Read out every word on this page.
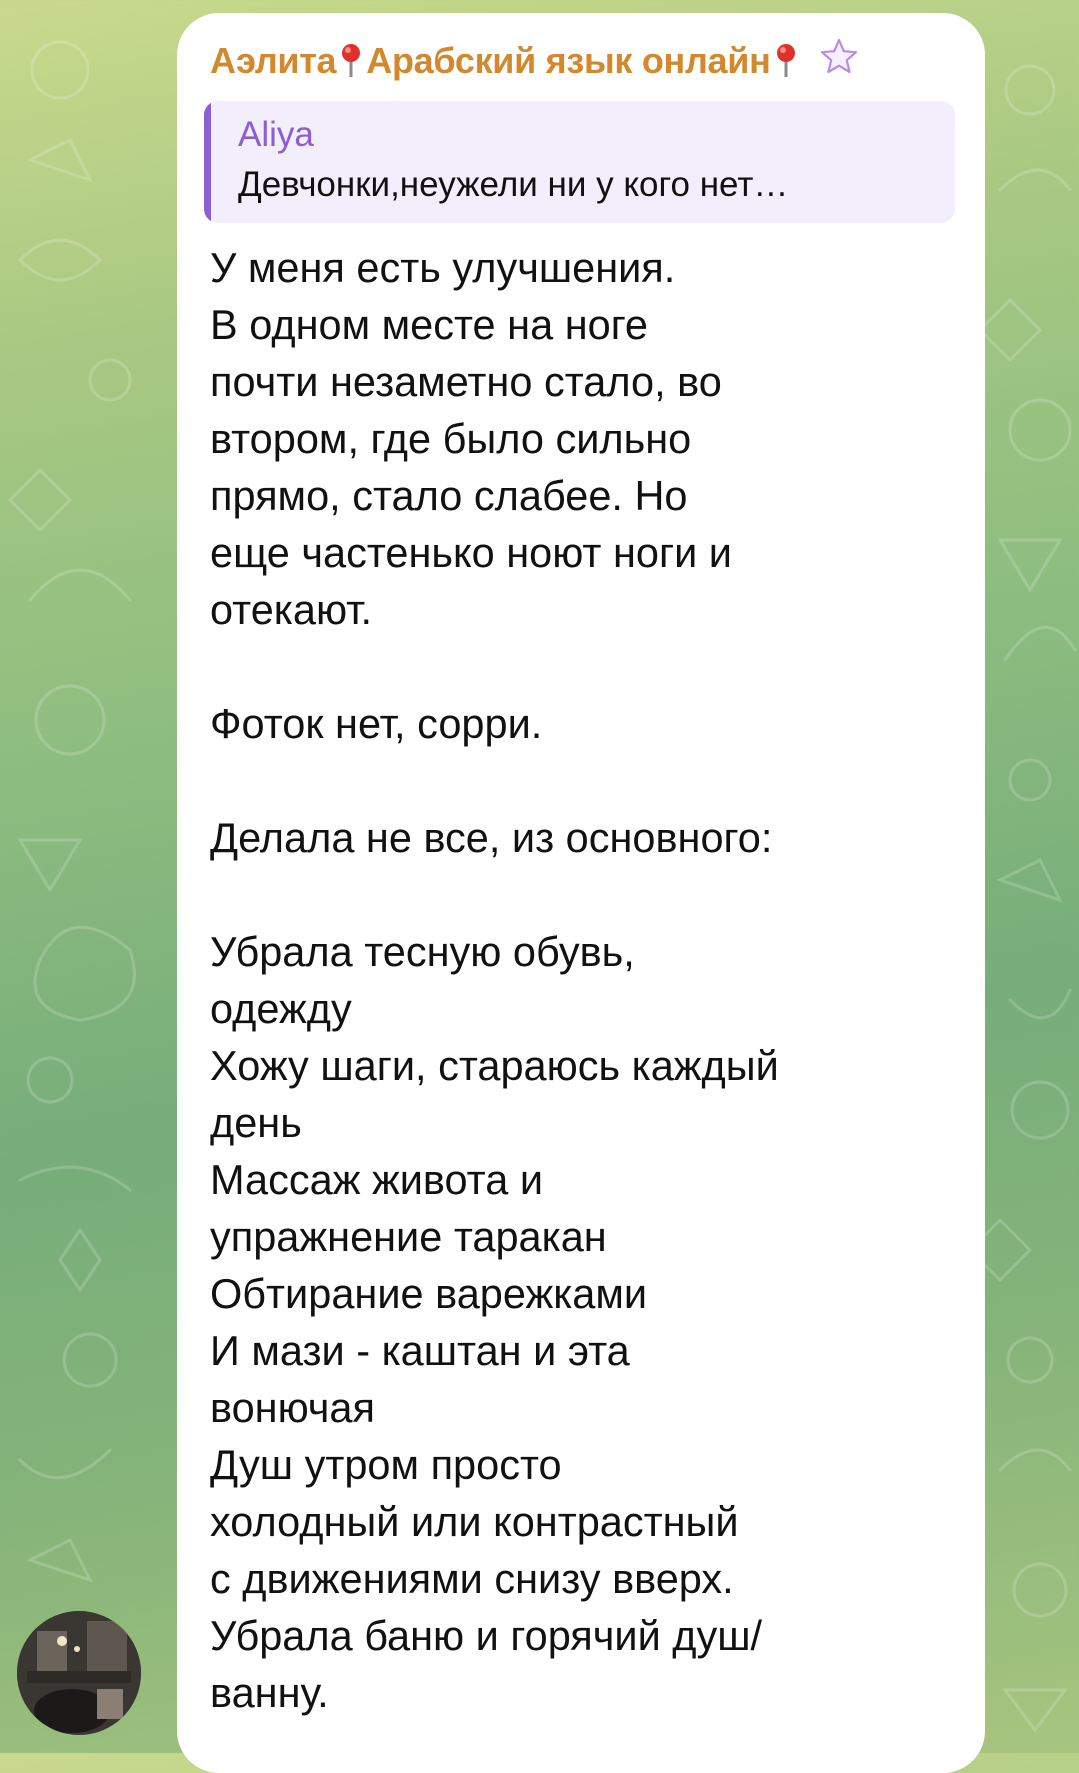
Аэлита Арабский язык онлайн
Aliya
Девчонки,неужели ни у кого нет…
У меня есть улучшения.
В одном месте на ноге
почти незаметно стало, во
втором, где было сильно
прямо, стало слабее. Но
еще частенько ноют ноги и
отекают.
Фоток нет, сорри.
Делала не все, из основного:
Убрала тесную обувь,
одежду
Хожу шаги, стараюсь каждый
день
Массаж живота и
упражнение таракан
Обтирание варежками
И мази - каштан и эта
вонючая
Душ утром просто
холодный или контрастный
с движениями снизу вверх.
Убрала баню и горячий душ/
ванну.
